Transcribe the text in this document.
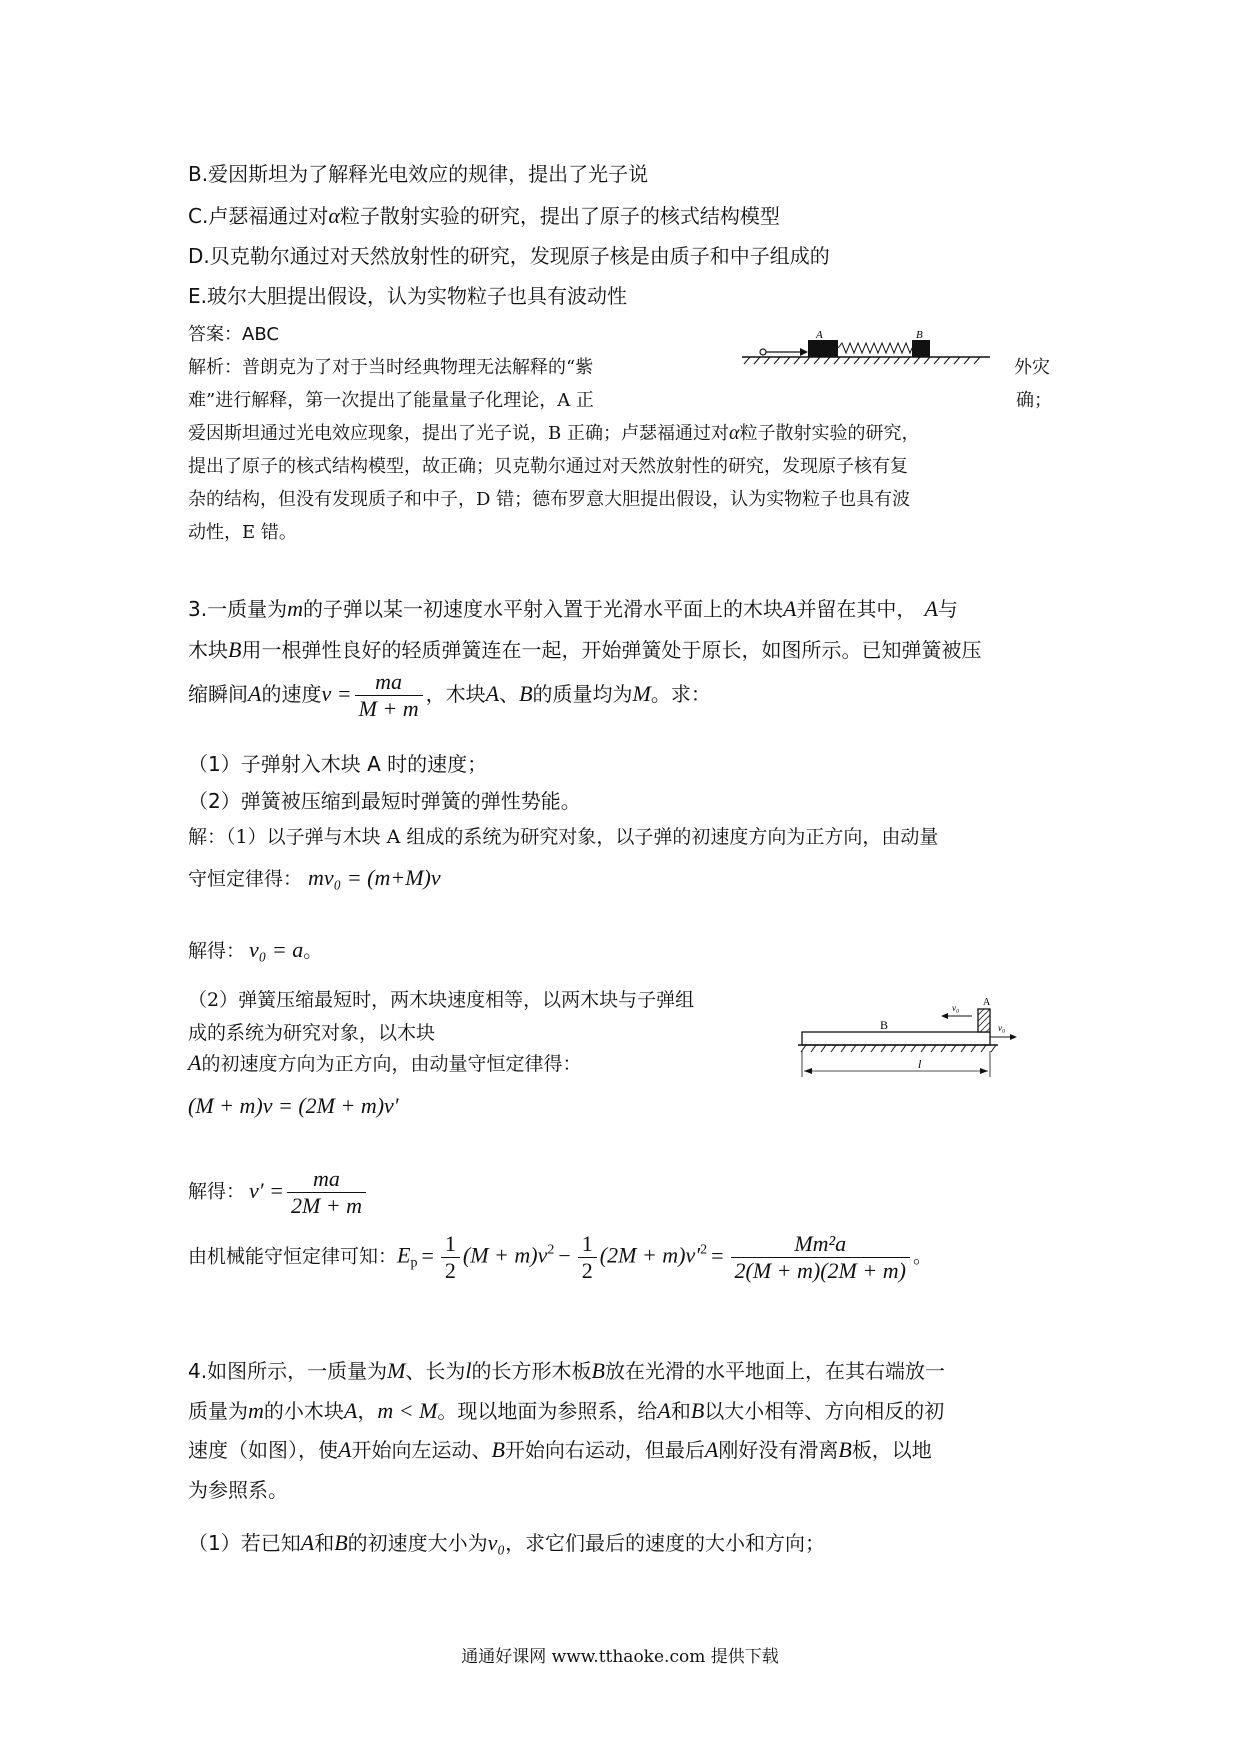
B.爱因斯坦为了解释光电效应的规律，提出了光子说
C.卢瑟福通过对α粒子散射实验的研究，提出了原子的核式结构模型
D.贝克勒尔通过对天然放射性的研究，发现原子核是由质子和中子组成的
E.玻尔大胆提出假设，认为实物粒子也具有波动性
答案：ABC
解析：普朗克为了对于当时经典物理无法解释的“紫	外灾
难”进行解释，第一次提出了能量量子化理论，A 正	确；
爱因斯坦通过光电效应现象，提出了光子说，B 正确；卢瑟福通过对α粒子散射实验的研究，
提出了原子的核式结构模型，故正确；贝克勒尔通过对天然放射性的研究，发现原子核有复
杂的结构，但没有发现质子和中子，D 错；德布罗意大胆提出假设，认为实物粒子也具有波
动性，E 错。
A	B
3.一质量为m的子弹以某一初速度水平射入置于光滑水平面上的木块A并留在其中， A与
木块B用一根弹性良好的轻质弹簧连在一起，开始弹簧处于原长，如图所示。已知弹簧被压
缩瞬间A的速度$v = \frac{ma}{M + m}$ ，木块A、B的质量均为M。求：
（1）子弹射入木块 A 时的速度；
（2）弹簧被压缩到最短时弹簧的弹性势能。
解：（1）以子弹与木块 A 组成的系统为研究对象，以子弹的初速度方向为正方向，由动量
守恒定律得： mv₀ = (m+M)v
解得： v₀ = a。
（2）弹簧压缩最短时，两木块速度相等，以两木块与子弹组
成的系统为研究对象，以木块
A的初速度方向为正方向，由动量守恒定律得：
(M + m)v = (2M + m)v′
解得： $v' = \frac{ma}{2M + m}$
由机械能守恒定律可知：$E_p = \frac{1}{2} (M + m)v^2 - \frac{1}{2} (2M + m)v'^2 = \frac{\text{Mm²a}}{2(M + m)(2M + m)}$ 。
B
A
v₀
v₀
l
4.如图所示，一质量为M、长为l的长方形木板B放在光滑的水平地面上，在其右端放一
质量为m的小木块A，m < M。现以地面为参照系，给A和B以大小相等、方向相反的初
速度（如图），使A开始向左运动、B开始向右运动，但最后A刚好没有滑离B板，以地
为参照系。
（1）若已知A和B的初速度大小为v₀，求它们最后的速度的大小和方向；
通通好课网 www.tthaoke.com 提供下载
